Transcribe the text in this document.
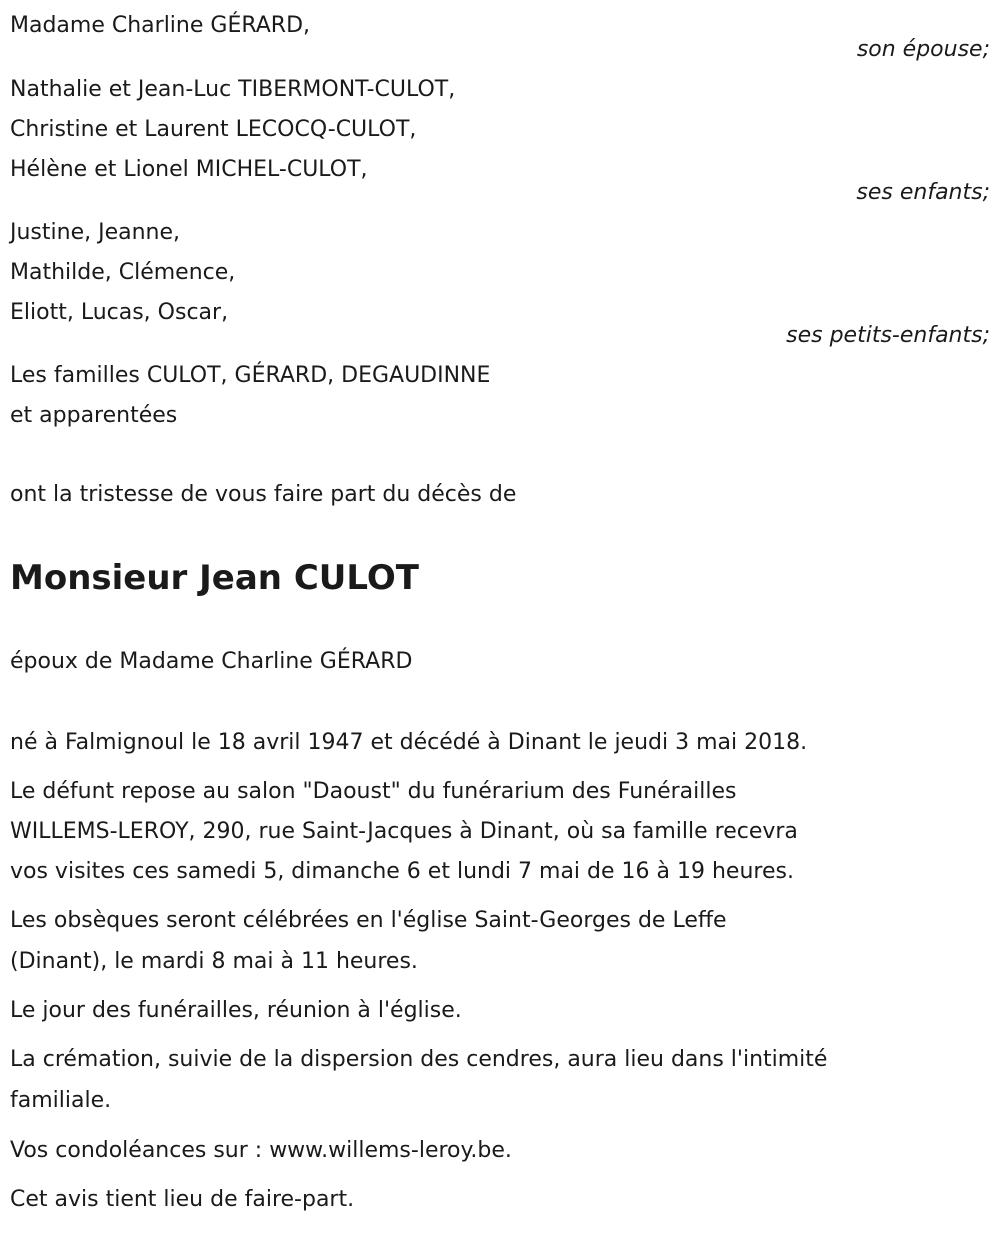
Madame Charline GÉRARD,
son épouse;
Nathalie et Jean-Luc TIBERMONT-CULOT,
Christine et Laurent LECOCQ-CULOT,
Hélène et Lionel MICHEL-CULOT,
ses enfants;
Justine, Jeanne,
Mathilde, Clémence,
Eliott, Lucas, Oscar,
ses petits-enfants;
Les familles CULOT, GÉRARD, DEGAUDINNE
et apparentées
ont la tristesse de vous faire part du décès de
Monsieur Jean CULOT
époux de Madame Charline GÉRARD
né à Falmignoul le 18 avril 1947 et décédé à Dinant le jeudi 3 mai 2018.
Le défunt repose au salon "Daoust" du funérarium des Funérailles
WILLEMS-LEROY, 290, rue Saint-Jacques à Dinant, où sa famille recevra
vos visites ces samedi 5, dimanche 6 et lundi 7 mai de 16 à 19 heures.
Les obsèques seront célébrées en l'église Saint-Georges de Leffe
(Dinant), le mardi 8 mai à 11 heures.
Le jour des funérailles, réunion à l'église.
La crémation, suivie de la dispersion des cendres, aura lieu dans l'intimité
familiale.
Vos condoléances sur : www.willems-leroy.be.
Cet avis tient lieu de faire-part.
